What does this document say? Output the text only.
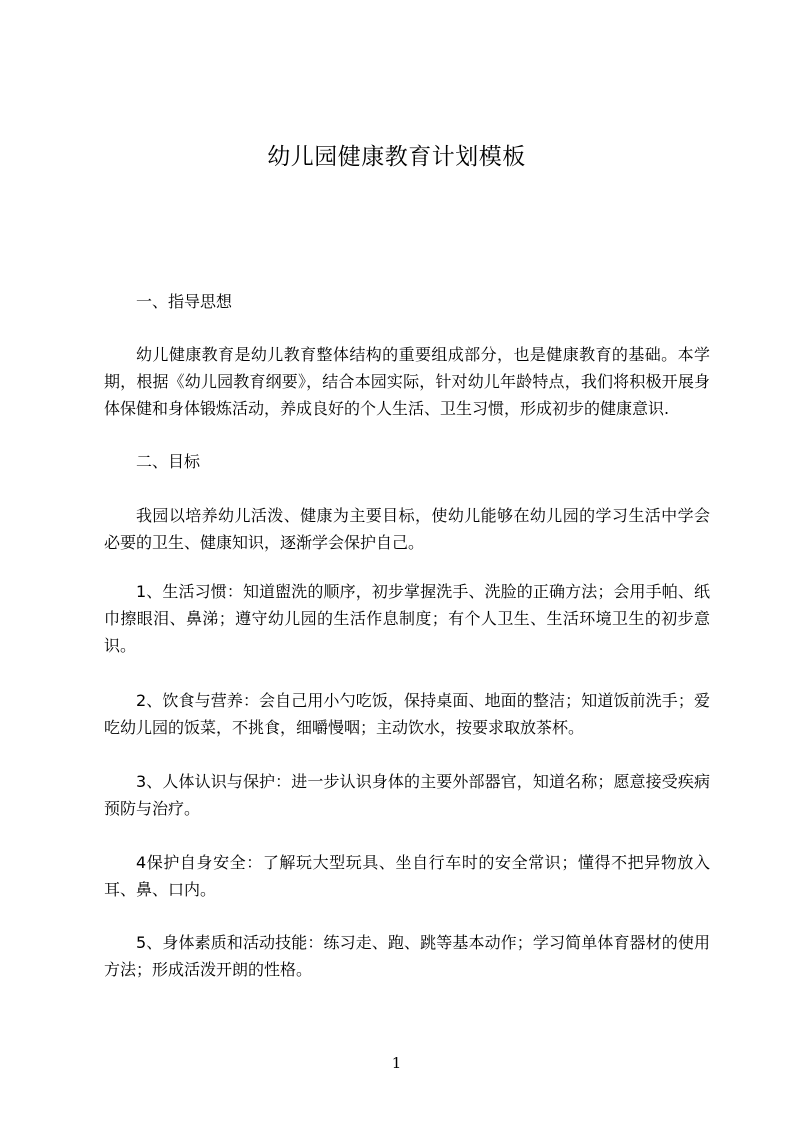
幼儿园健康教育计划模板
一、指导思想

幼儿健康教育是幼儿教育整体结构的重要组成部分，也是健康教育的基础。本学期，根据《幼儿园教育纲要》，结合本园实际，针对幼儿年龄特点，我们将积极开展身体保健和身体锻炼活动，养成良好的个人生活、卫生习惯，形成初步的健康意识.

二、目标

我园以培养幼儿活泼、健康为主要目标，使幼儿能够在幼儿园的学习生活中学会必要的卫生、健康知识，逐渐学会保护自己。

1、生活习惯：知道盥洗的顺序，初步掌握洗手、洗脸的正确方法；会用手帕、纸巾擦眼泪、鼻涕；遵守幼儿园的生活作息制度；有个人卫生、生活环境卫生的初步意识。

2、饮食与营养：会自己用小勺吃饭，保持桌面、地面的整洁；知道饭前洗手；爱吃幼儿园的饭菜，不挑食，细嚼慢咽；主动饮水，按要求取放茶杯。

3、人体认识与保护：进一步认识身体的主要外部器官，知道名称；愿意接受疾病预防与治疗。

4保护自身安全：了解玩大型玩具、坐自行车时的安全常识；懂得不把异物放入耳、鼻、口内。

5、身体素质和活动技能：练习走、跑、跳等基本动作；学习简单体育器材的使用方法；形成活泼开朗的性格。

1
